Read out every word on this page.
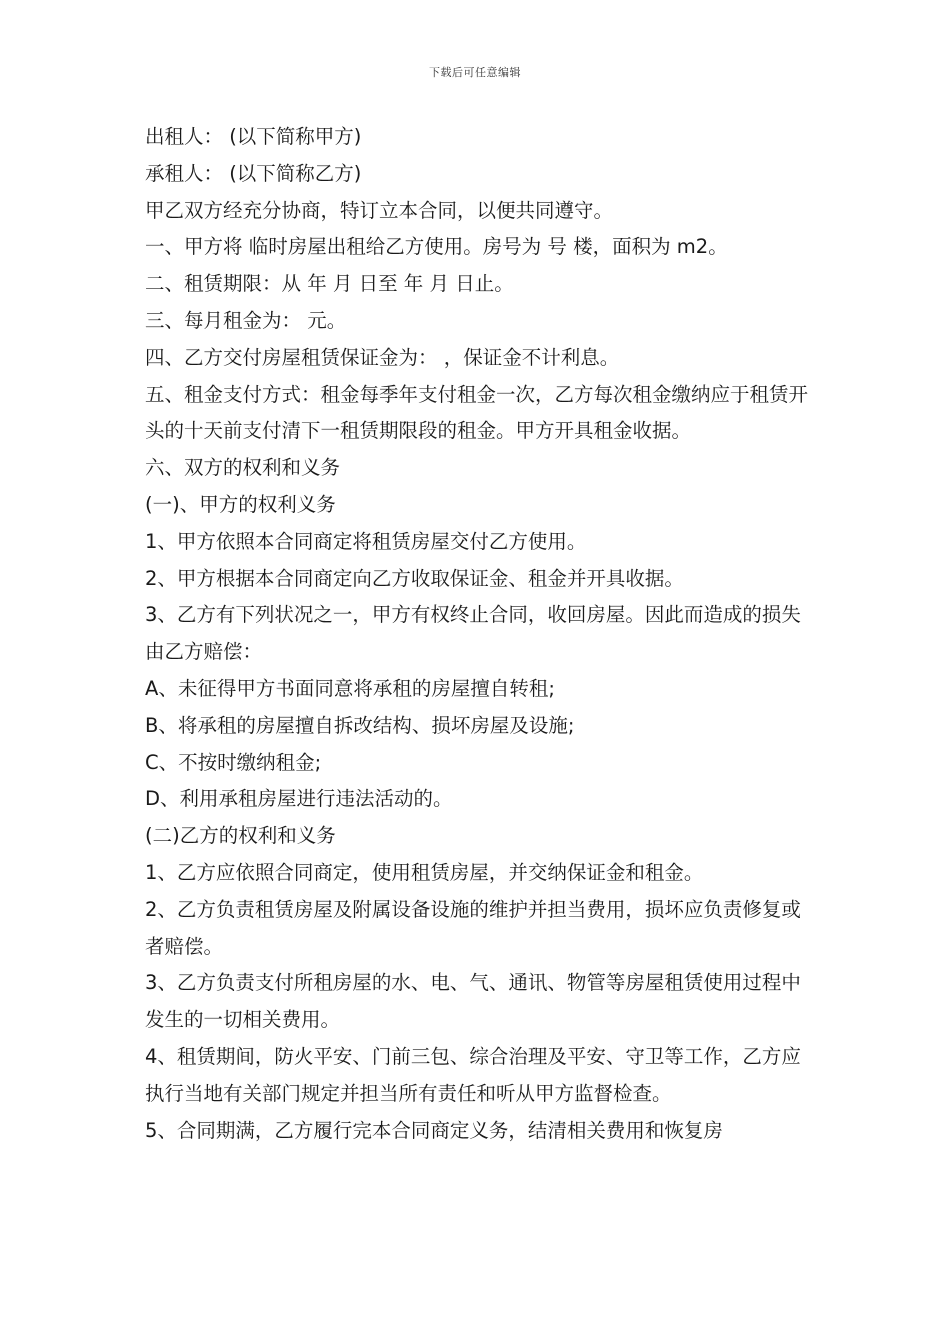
下载后可任意编辑

出租人： (以下简称甲方)

承租人： (以下简称乙方)

甲乙双方经充分协商，特订立本合同，以便共同遵守。

一、甲方将 临时房屋出租给乙方使用。房号为 号 楼，面积为 m2。

二、租赁期限：从 年 月 日至 年 月 日止。

三、每月租金为： 元。

四、乙方交付房屋租赁保证金为： ，保证金不计利息。

五、租金支付方式：租金每季年支付租金一次，乙方每次租金缴纳应于租赁开头的十天前支付清下一租赁期限段的租金。甲方开具租金收据。

六、双方的权利和义务

(一)、甲方的权利义务

1、甲方依照本合同商定将租赁房屋交付乙方使用。

2、甲方根据本合同商定向乙方收取保证金、租金并开具收据。

3、乙方有下列状况之一，甲方有权终止合同，收回房屋。因此而造成的损失由乙方赔偿：

A、未征得甲方书面同意将承租的房屋擅自转租;

B、将承租的房屋擅自拆改结构、损坏房屋及设施;

C、不按时缴纳租金;

D、利用承租房屋进行违法活动的。

(二)乙方的权利和义务

1、乙方应依照合同商定，使用租赁房屋，并交纳保证金和租金。

2、乙方负责租赁房屋及附属设备设施的维护并担当费用，损坏应负责修复或者赔偿。

3、乙方负责支付所租房屋的水、电、气、通讯、物管等房屋租赁使用过程中发生的一切相关费用。

4、租赁期间，防火平安、门前三包、综合治理及平安、守卫等工作，乙方应执行当地有关部门规定并担当所有责任和听从甲方监督检查。

5、合同期满，乙方履行完本合同商定义务，结清相关费用和恢复房
